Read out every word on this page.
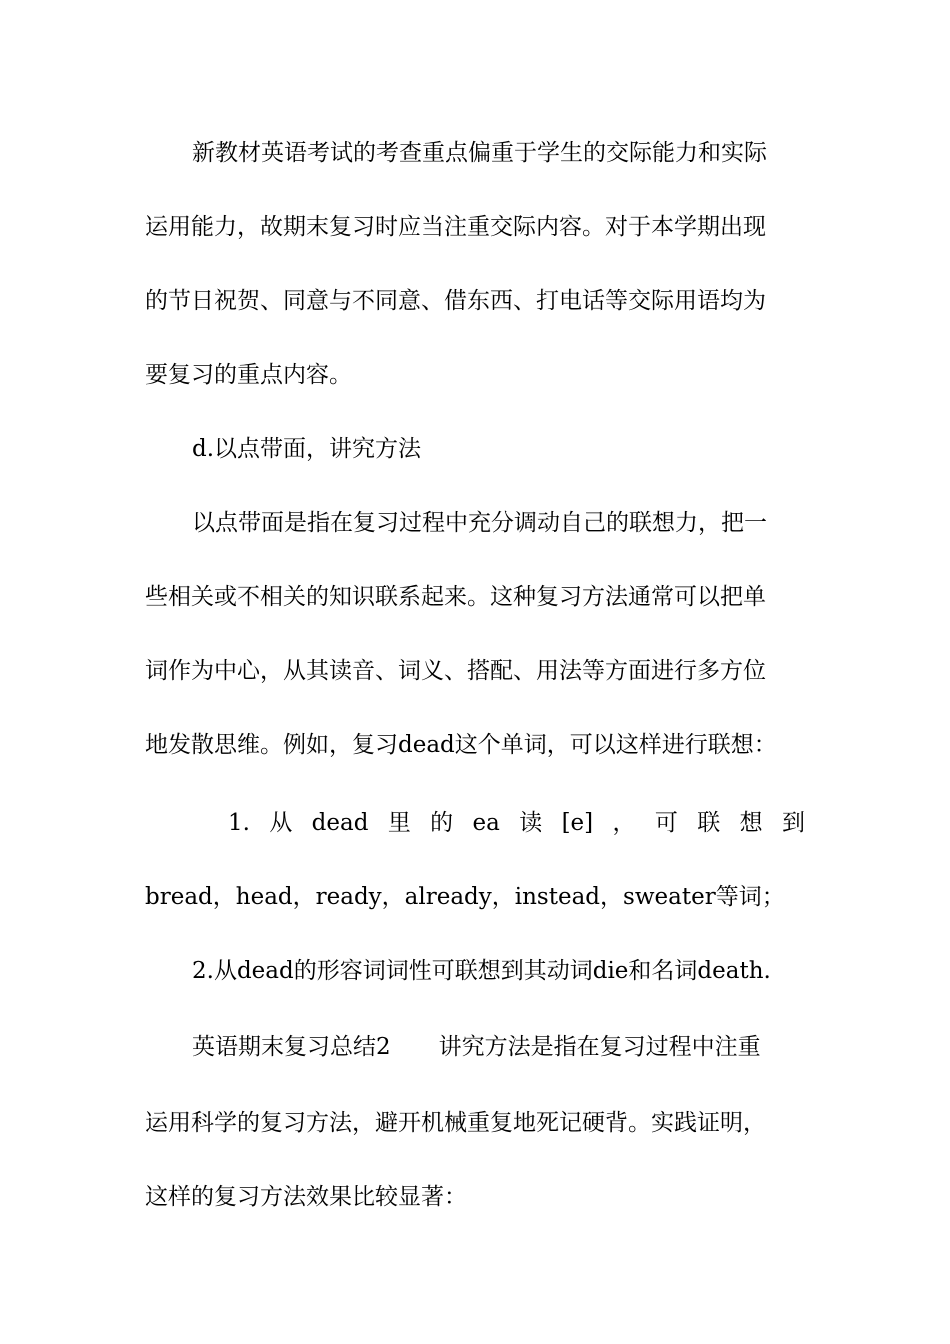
新教材英语考试的考查重点偏重于学生的交际能力和实际
运用能力，故期末复习时应当注重交际内容。对于本学期出现
的节日祝贺、同意与不同意、借东西、打电话等交际用语均为
要复习的重点内容。
d.以点带面，讲究方法
以点带面是指在复习过程中充分调动自己的联想力，把一
些相关或不相关的知识联系起来。这种复习方法通常可以把单
词作为中心，从其读音、词义、搭配、用法等方面进行多方位
地发散思维。例如，复习dead这个单词，可以这样进行联想：
1. 从 dead 里 的 ea 读 [e] ， 可 联 想 到
bread，head，ready，already，instead，sweater等词；
2.从dead的形容词词性可联想到其动词die和名词death.
英语期末复习总结2 讲究方法是指在复习过程中注重
运用科学的复习方法，避开机械重复地死记硬背。实践证明，
这样的复习方法效果比较显著：
